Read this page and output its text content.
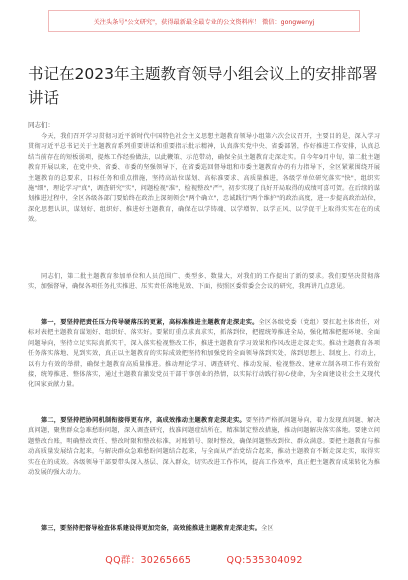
关注头条号"公文研究"，获得最新最全最专业的公文资料库！ 微信：gongwenyj
书记在2023年主题教育领导小组会议上的安排部署讲话
同志们：

今天，我们召开学习贯彻习近平新时代中国特色社会主义思想主题教育领导小组第六次会议召开，主要目的是，深入学习贯彻习近平总书记关于主题教育系列重要讲话和重要指示批示精神，认真落实党中央、省委部署，作好推进工作安排，认真总结当前存在的短板弱项，提炼工作经验做法，以此鞭策、示范带动，确保全员主题教育走深走实。自今年9月中旬，第二批主题教育开展以来，在党中央、省委、市委的坚强领导下，在省委巡回督导组和市委主题教育办的有力指导下，全区紧紧围绕开展主题教育的总要求，目标任务和重点措施，坚持高站位谋划、高标准要求、高质量推进，各级学单位研究落实"快"，组织实施"细"，理论学习"真"，调查研究"实"，问题检视"准"，检视整改"严"，初步实现了良好开局取得的成绩可喜可贺。在后续的谋划推进过程中，全区各级各部门要始终在政治上深刻领会"两个确立"，忠诚践行"两个维护"的政治高度，进一步提高政治站位，深化思想认识，谋划好、组织好、推进好主题教育，确保在以学铸魂、以学增智、以学正风、以学促干上取得实实在在的成效。

同志们，第二批主题教育参加单位和人员范围广、类型多、数量大，对我们的工作提出了新的要求。我们要坚决贯彻落实，加强督导，确保各项任务扎实推进、压实责任落地见效、下面，按照区委常委会会议的研究，我再讲几点意见。

第一，要坚持把责任压力传导硬落压的更紧，高标准推进主题教育走深走实。全区各级党委（党组）要扛起主体责任，对标对表把主题教育谋划好、组织好、落实好。要紧盯重点求真求实，抓落到位，把握统筹推进全局，强化精准把握环境、全面问题导向，坚持立足实际真抓实干，深入落实检视整改工作，推进主题教育学习效果和作风改进走深走实。推动主题教育各项任务落实落地、见到实效，真正以主题教育的实际成效把坚持和加强党的全面领导落到实处，落到思想上、制度上、行动上，以有力有效的举措，确保主题教育高质量推进。推动理论学习、调查研究、推动发展、检视整改、建章立制各项工作有效衔接，统筹推进、整体落实，通过主题教育激发党员干部干事创业的热情，以实际行动践行初心使命，为全面建设社会主义现代化国家贡献力量。

第二，要坚持把协同机制衔接得更有序，高成效推动主题教育走深走实。要坚持严格抓问题导向，着力发现真问题、解决真问题，聚焦群众急难愁盼问题，深入调查研究，找准问题症结所在，精准制定整改措施，推动问题解决落实落地。要建立问题整改台账，明确整改责任、整改时限和整改标准，对账销号、限时整改，确保问题整改到位、群众满意。要把主题教育与推动高质量发展结合起来，与解决群众急难愁盼问题结合起来，与全面从严治党结合起来，推动主题教育不断走深走实，取得实实在在的成效。各级领导干部要带头深入基层、深入群众，切实改进工作作风，提高工作效率，真正把主题教育成果转化为推动发展的强大动力。

第三，要坚持把督导检查体系建设得更加完备，高效能推进主题教育走深走实。全区

QQ群：30265665	QQ:535304092
